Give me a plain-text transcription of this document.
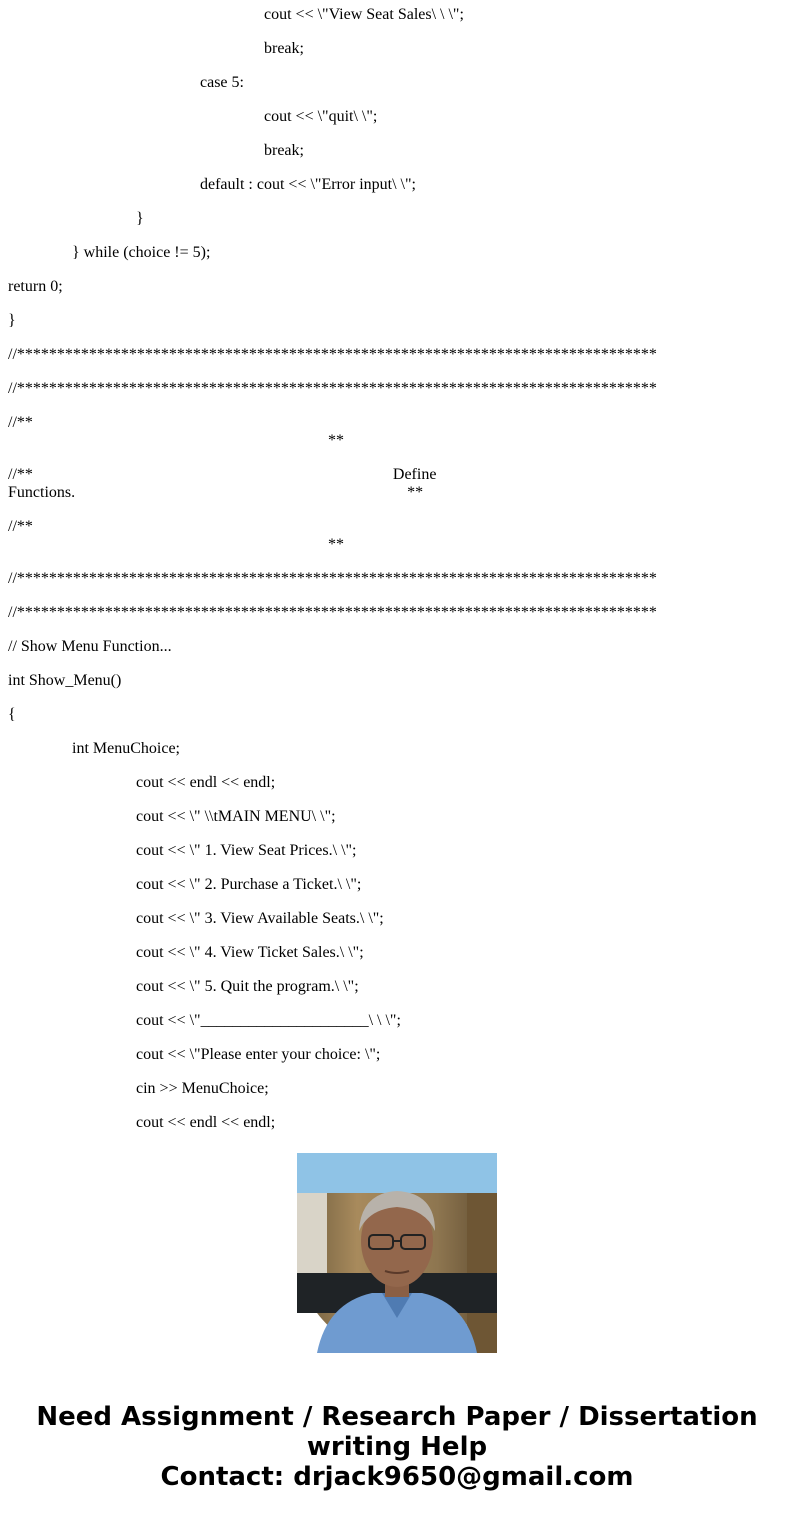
cout << \"View Seat Sales\ \ \";
break;
case 5:
cout << \"quit\ \";
break;
default : cout << \"Error input\ \";
}
} while (choice != 5);
return 0;
}
//********************************************************************************
//********************************************************************************
//**
**
//**                                                                                          Define
Functions.                                                                                   **
//**
**
//********************************************************************************
//********************************************************************************
// Show Menu Function...
int Show_Menu()
{
int MenuChoice;
cout << endl << endl;
cout << \" \\tMAIN MENU\ \";
cout << \" 1. View Seat Prices.\ \";
cout << \" 2. Purchase a Ticket.\ \";
cout << \" 3. View Available Seats.\ \";
cout << \" 4. View Ticket Sales.\ \";
cout << \" 5. Quit the program.\ \";
cout << \"_____________________\ \ \";
cout << \"Please enter your choice: \";
cin >> MenuChoice;
cout << endl << endl;
Need Assignment / Research Paper / Dissertation
writing Help
Contact: drjack9650@gmail.com
